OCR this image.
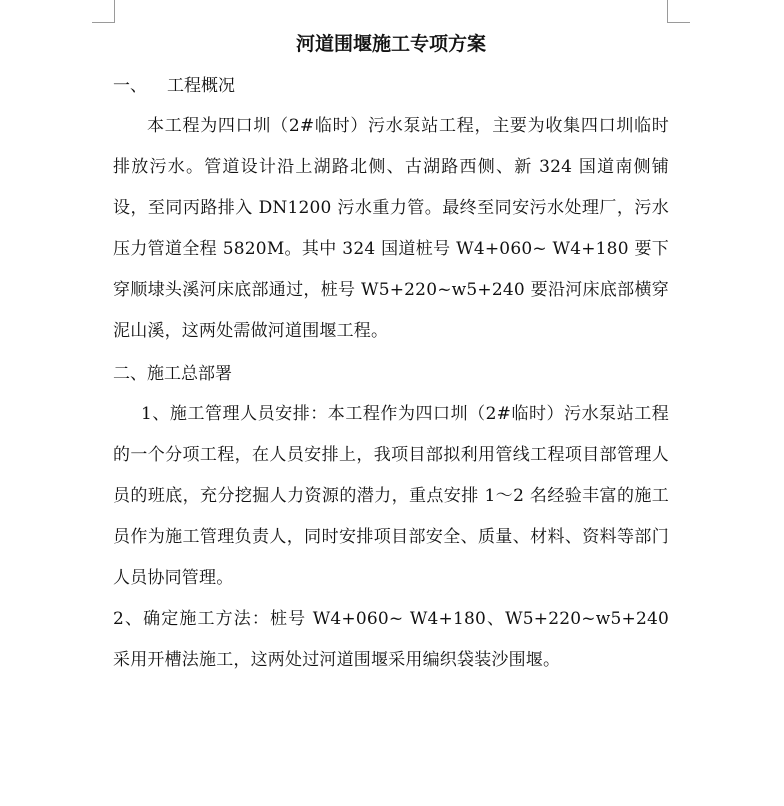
河道围堰施工专项方案
一、 工程概况

本工程为四口圳（2#临时）污水泵站工程，主要为收集四口圳临时排放污水。管道设计沿上湖路北侧、古湖路西侧、新 324 国道南侧铺设，至同丙路排入 DN1200 污水重力管。最终至同安污水处理厂，污水压力管道全程 5820M。其中 324 国道桩号 W4+060~ W4+180 要下穿顺埭头溪河床底部通过，桩号 W5+220~w5+240 要沿河床底部横穿泥山溪，这两处需做河道围堰工程。

二、施工总部署

1、施工管理人员安排：本工程作为四口圳（2#临时）污水泵站工程的一个分项工程，在人员安排上，我项目部拟利用管线工程项目部管理人员的班底，充分挖掘人力资源的潜力，重点安排 1～2 名经验丰富的施工员作为施工管理负责人，同时安排项目部安全、质量、材料、资料等部门人员协同管理。

2、确定施工方法：桩号 W4+060~ W4+180、W5+220~w5+240 采用开槽法施工，这两处过河道围堰采用编织袋装沙围堰。
